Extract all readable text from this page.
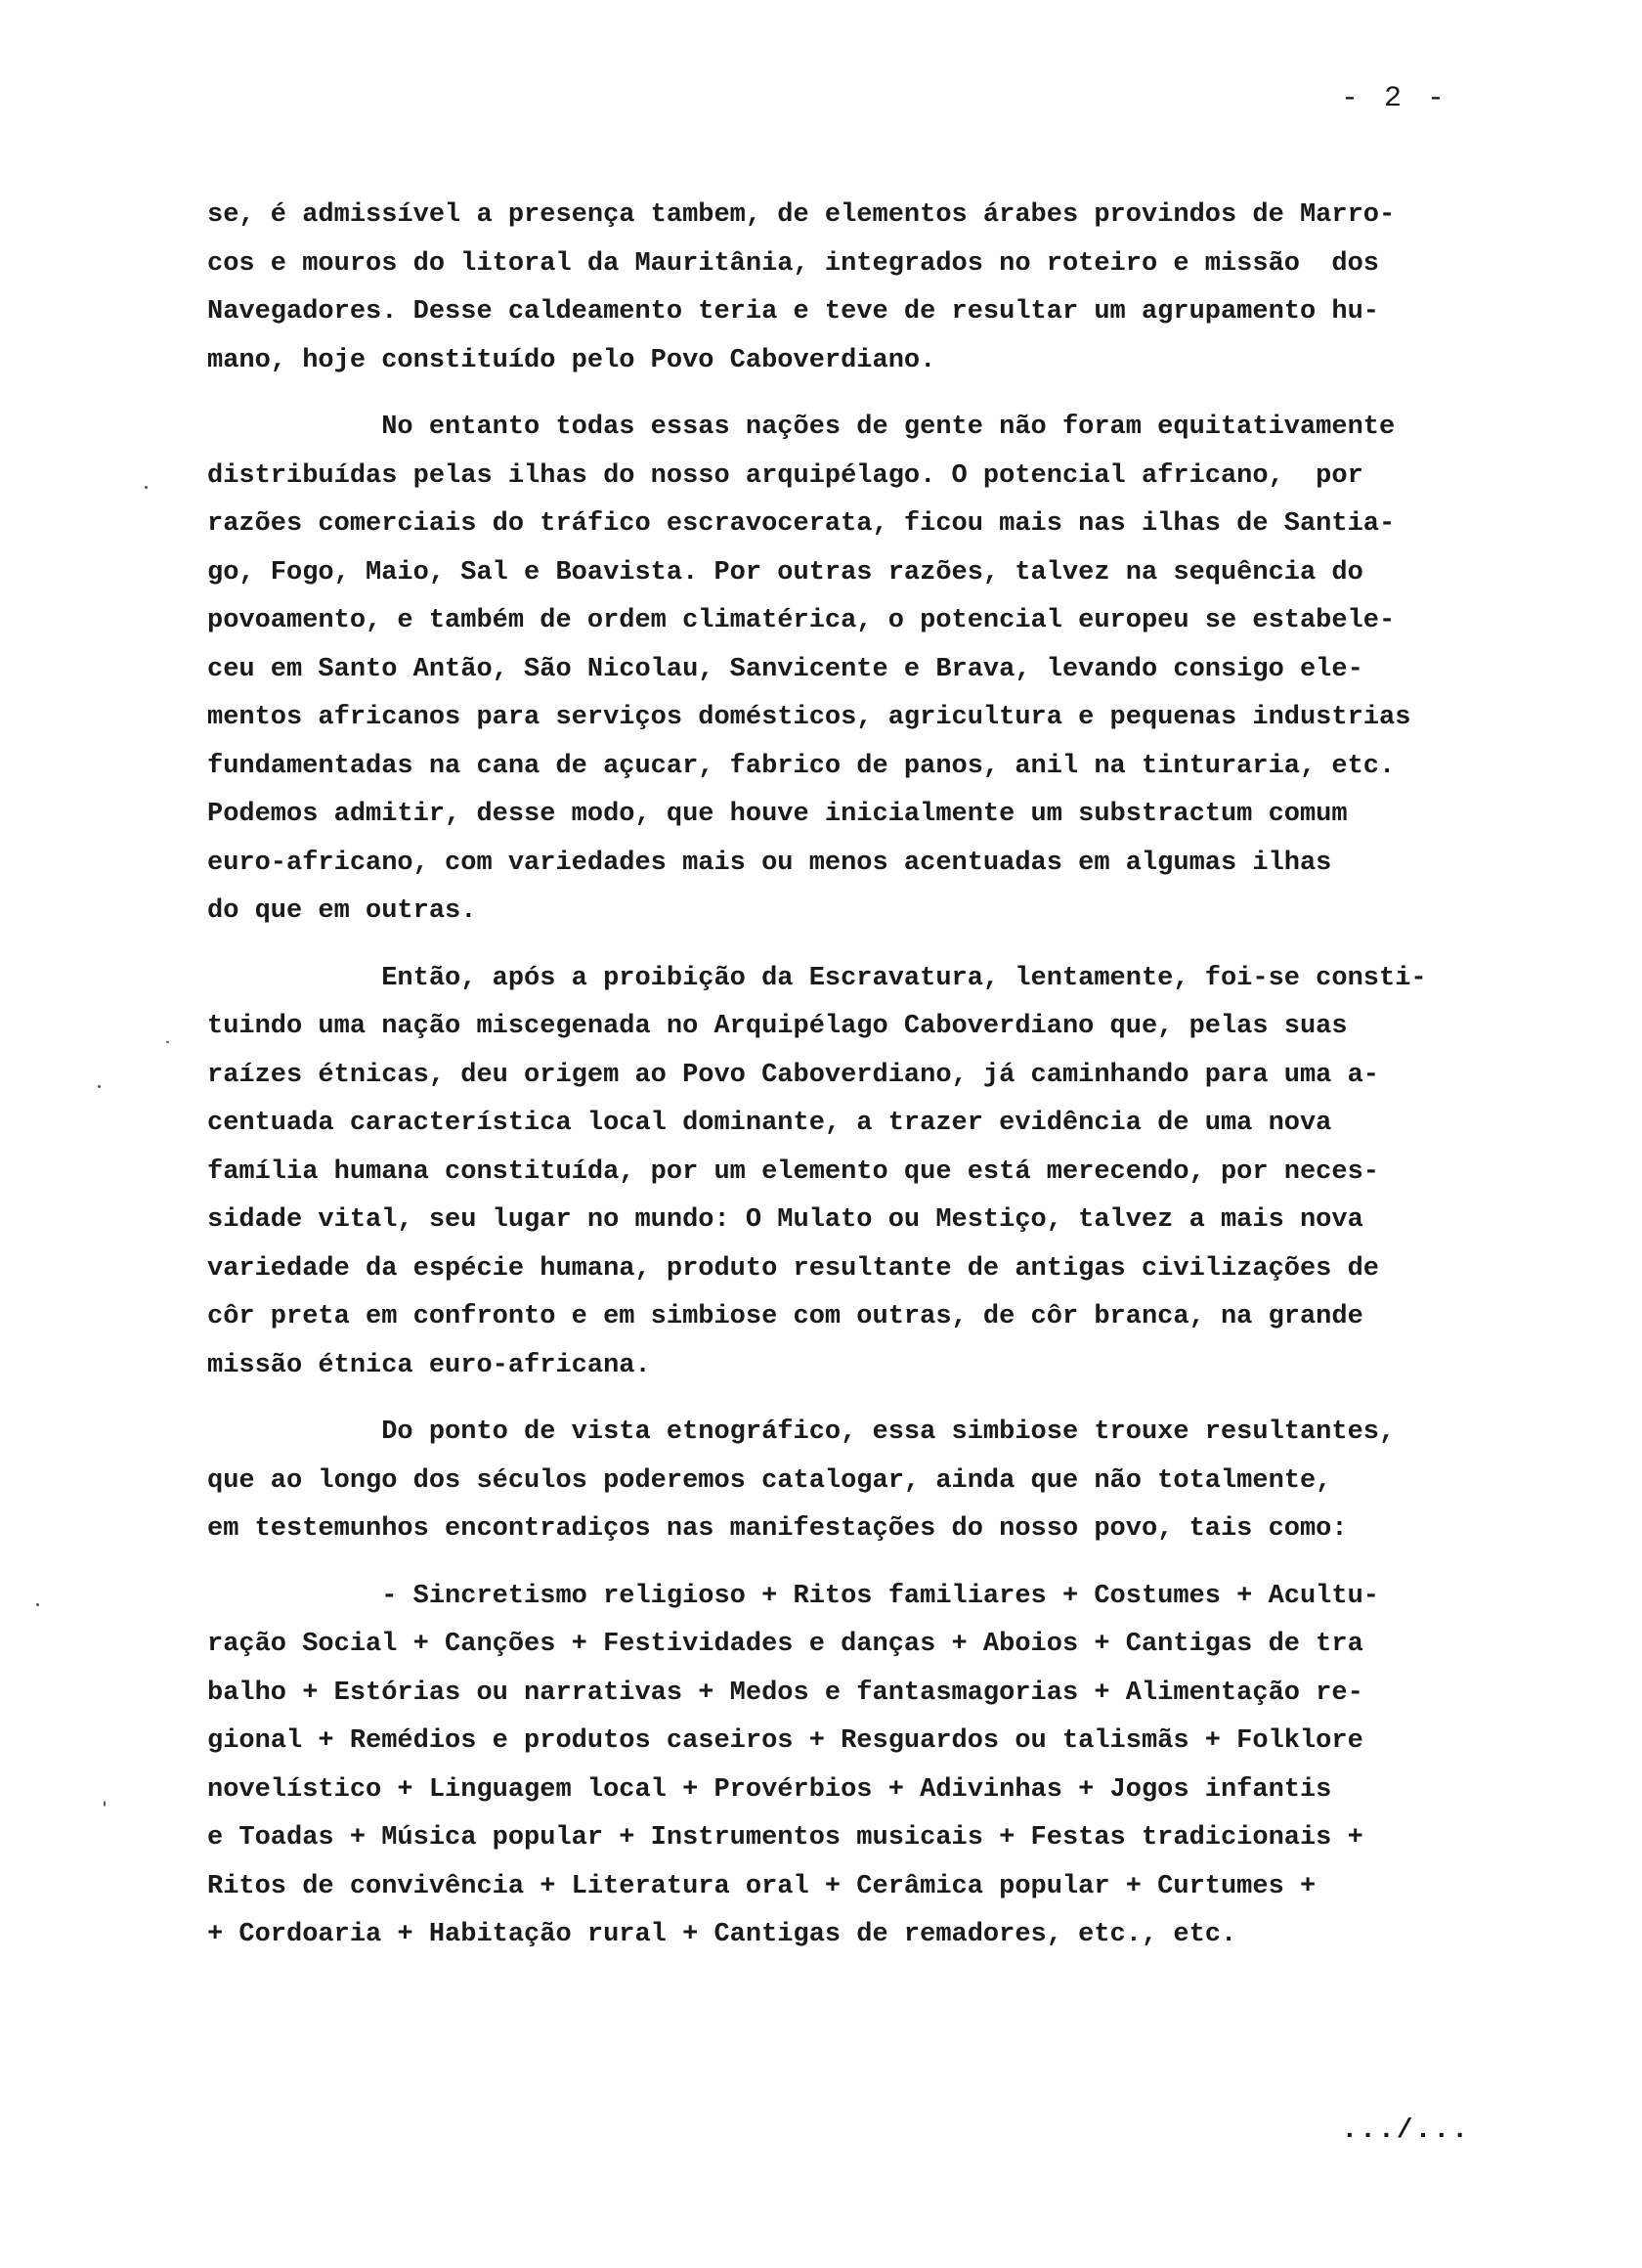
- 2 -
se, é admissível a presença tambem, de elementos árabes provindos de Marro-
cos e mouros do litoral da Mauritânia, integrados no roteiro e missão  dos
Navegadores. Desse caldeamento teria e teve de resultar um agrupamento hu-
mano, hoje constituído pelo Povo Caboverdiano.
No entanto todas essas nações de gente não foram equitativamente
distribuídas pelas ilhas do nosso arquipélago. O potencial africano,  por
razões comerciais do tráfico escravocerata, ficou mais nas ilhas de Santia-
go, Fogo, Maio, Sal e Boavista. Por outras razões, talvez na sequência do
povoamento, e também de ordem climatérica, o potencial europeu se estabele-
ceu em Santo Antão, São Nicolau, Sanvicente e Brava, levando consigo ele-
mentos africanos para serviços domésticos, agricultura e pequenas industrias
fundamentadas na cana de açucar, fabrico de panos, anil na tinturaria, etc.
Podemos admitir, desse modo, que houve inicialmente um substractum comum
euro-africano, com variedades mais ou menos acentuadas em algumas ilhas
do que em outras.
Então, após a proibição da Escravatura, lentamente, foi-se consti-
tuindo uma nação miscegenada no Arquipélago Caboverdiano que, pelas suas
raízes étnicas, deu origem ao Povo Caboverdiano, já caminhando para uma a-
centuada característica local dominante, a trazer evidência de uma nova
família humana constituída, por um elemento que está merecendo, por neces-
sidade vital, seu lugar no mundo: O Mulato ou Mestiço, talvez a mais nova
variedade da espécie humana, produto resultante de antigas civilizações de
côr preta em confronto e em simbiose com outras, de côr branca, na grande
missão étnica euro-africana.
Do ponto de vista etnográfico, essa simbiose trouxe resultantes,
que ao longo dos séculos poderemos catalogar, ainda que não totalmente,
em testemunhos encontradiços nas manifestações do nosso povo, tais como:
- Sincretismo religioso + Ritos familiares + Costumes + Acultu-
ração Social + Canções + Festividades e danças + Aboios + Cantigas de tra
balho + Estórias ou narrativas + Medos e fantasmagorias + Alimentação re-
gional + Remédios e produtos caseiros + Resguardos ou talismãs + Folklore
novelístico + Linguagem local + Provérbios + Adivinhas + Jogos infantis
e Toadas + Música popular + Instrumentos musicais + Festas tradicionais +
Ritos de convivência + Literatura oral + Cerâmica popular + Curtumes +
+ Cordoaria + Habitação rural + Cantigas de remadores, etc., etc.
.../...
